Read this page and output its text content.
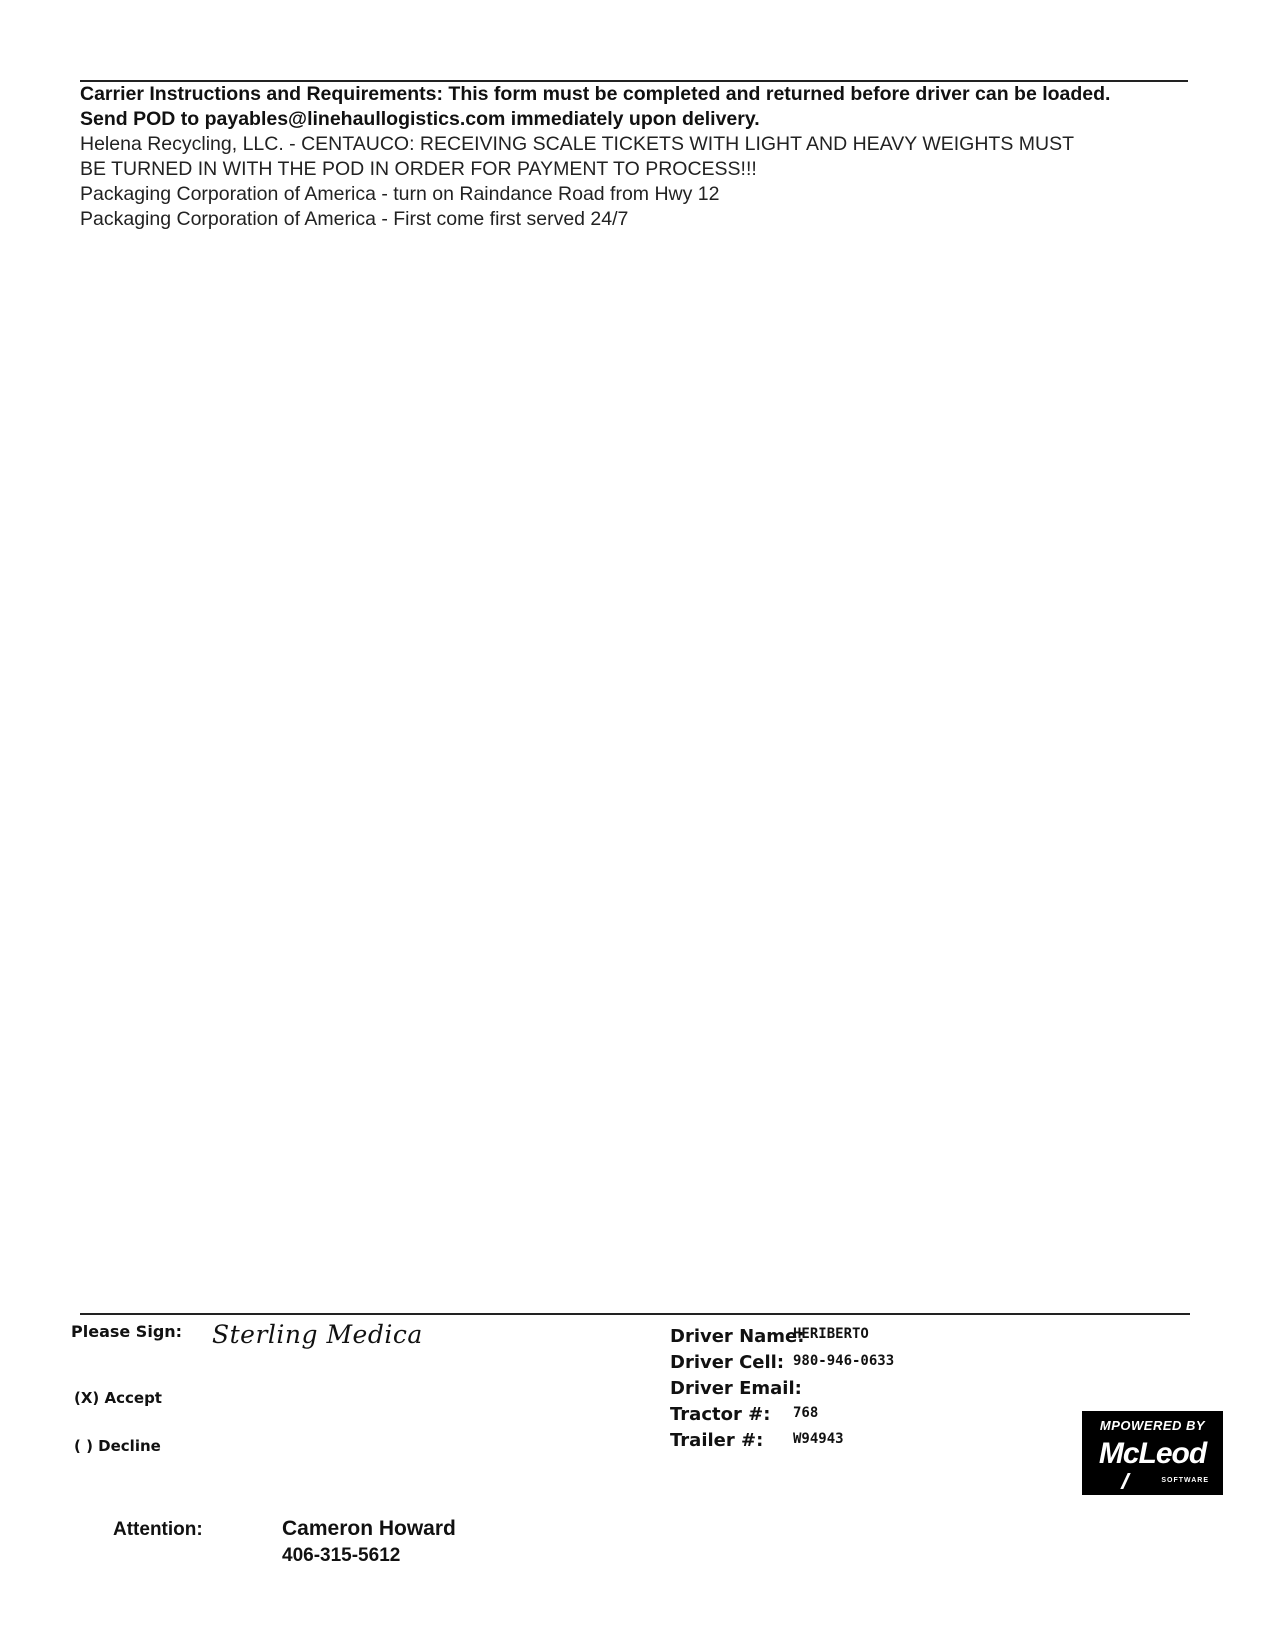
Carrier Instructions and Requirements: This form must be completed and returned before driver can be loaded.
Send POD to payables@linehaullogistics.com immediately upon delivery.
Helena Recycling, LLC. - CENTAUCO: RECEIVING SCALE TICKETS WITH LIGHT AND HEAVY WEIGHTS MUST
BE TURNED IN WITH THE POD IN ORDER FOR PAYMENT TO PROCESS!!!
Packaging Corporation of America - turn on Raindance Road from Hwy 12
Packaging Corporation of America - First come first served 24/7
Please Sign: Sterling Medica
(X) Accept
( ) Decline
Driver Name:
HERIBERTO
Driver Cell: 980-946-0633
Driver Email:
Tractor #: 768
Trailer #: W94943
MPOWERED BY
McLeod
SOFTWARE
Attention:	Cameron Howard
406-315-5612
